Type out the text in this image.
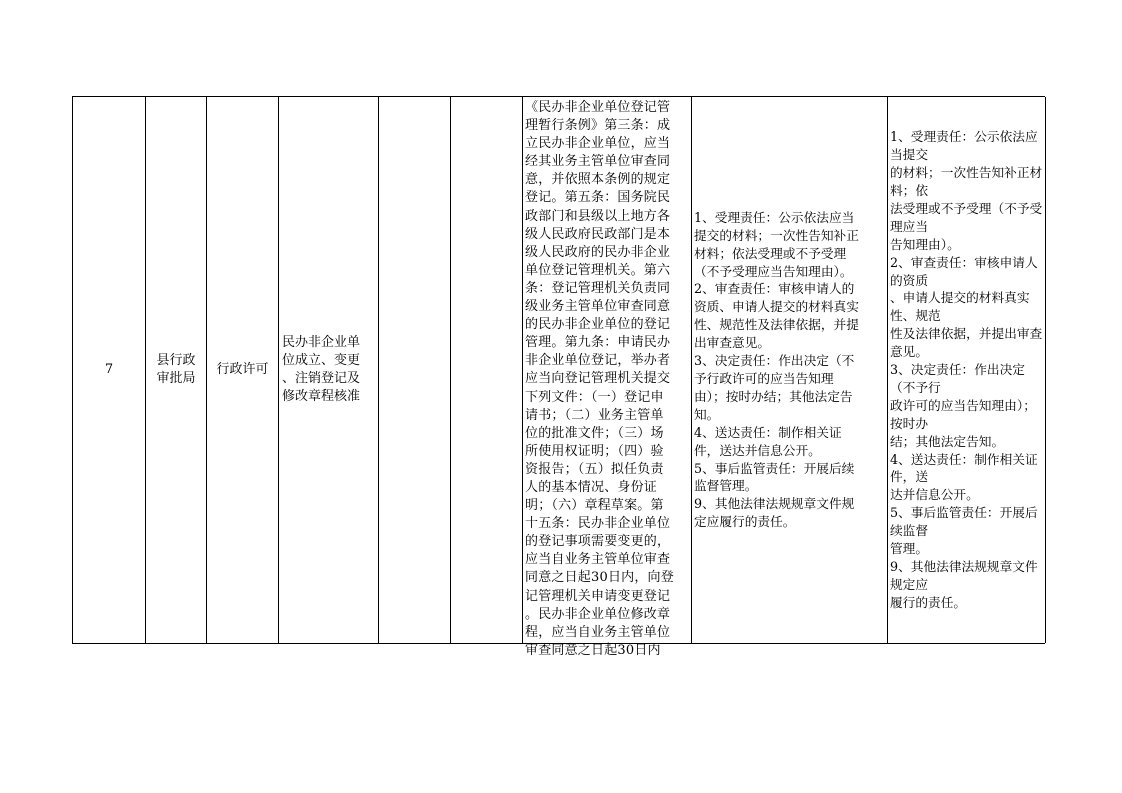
7
县行政
审批局
行政许可
民办非企业单
位成立、变更
、注销登记及
修改章程核准
《民办非企业单位登记管
理暂行条例》第三条：成
立民办非企业单位，应当
经其业务主管单位审查同
意，并依照本条例的规定
登记。第五条：国务院民
政部门和县级以上地方各
级人民政府民政部门是本
级人民政府的民办非企业
单位登记管理机关。第六
条：登记管理机关负责同
级业务主管单位审查同意
的民办非企业单位的登记
管理。第九条：申请民办
非企业单位登记，举办者
应当向登记管理机关提交
下列文件：（一）登记申
请书；（二）业务主管单
位的批准文件；（三）场
所使用权证明；（四）验
资报告；（五）拟任负责
人的基本情况、身份证
明；（六）章程草案。第
十五条：民办非企业单位
的登记事项需要变更的，
应当自业务主管单位审查
同意之日起30日内，向登
记管理机关申请变更登记
。民办非企业单位修改章
程，应当自业务主管单位
审查同意之日起30日内
1、受理责任：公示依法应当
提交的材料；一次性告知补正
材料；依法受理或不予受理
（不予受理应当告知理由）。
2、审查责任：审核申请人的
资质、申请人提交的材料真实
性、规范性及法律依据，并提
出审查意见。
3、决定责任：作出决定（不
予行政许可的应当告知理
由）；按时办结；其他法定告
知。
4、送达责任：制作相关证
件，送达并信息公开。
5、事后监管责任：开展后续
监督管理。
9、其他法律法规规章文件规
定应履行的责任。
1、受理责任：公示依法应当提交
的材料；一次性告知补正材料；依
法受理或不予受理（不予受理应当
告知理由）。
2、审查责任：审核申请人的资质
、申请人提交的材料真实性、规范
性及法律依据，并提出审查意见。
3、决定责任：作出决定（不予行
政许可的应当告知理由）；按时办
结；其他法定告知。
4、送达责任：制作相关证件，送
达并信息公开。
5、事后监管责任：开展后续监督
管理。
9、其他法律法规规章文件规定应
履行的责任。
